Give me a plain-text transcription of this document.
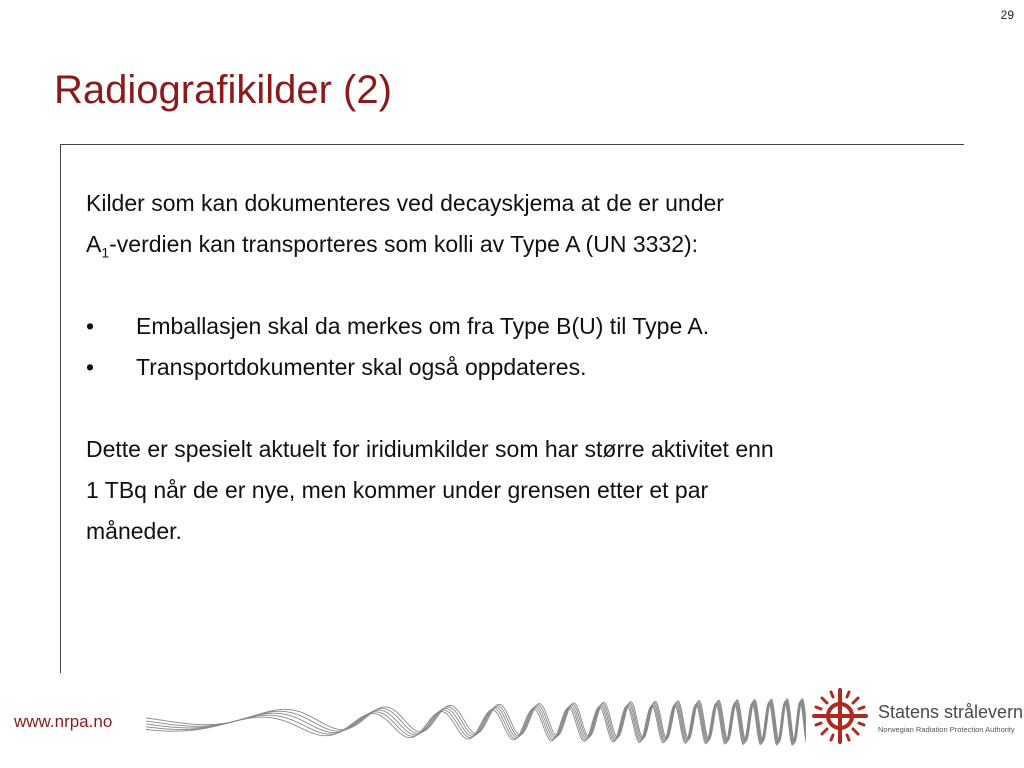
29
Radiografikilder (2)

Kilder som kan dokumenteres ved decayskjema at de er under

$A_1$-verdien kan transporteres som kolli av Type A (UN 3332):

•	Emballasjen skal da merkes om fra Type B(U) til Type A.
•	Transportdokumenter skal også oppdateres.

Dette er spesielt aktuelt for iridiumkilder som har større aktivitet enn

1 TBq når de er nye, men kommer under grensen etter et par

måneder.

www.nrpa.no	Statens strålevern
Norwegian Radiation Protection Authority
